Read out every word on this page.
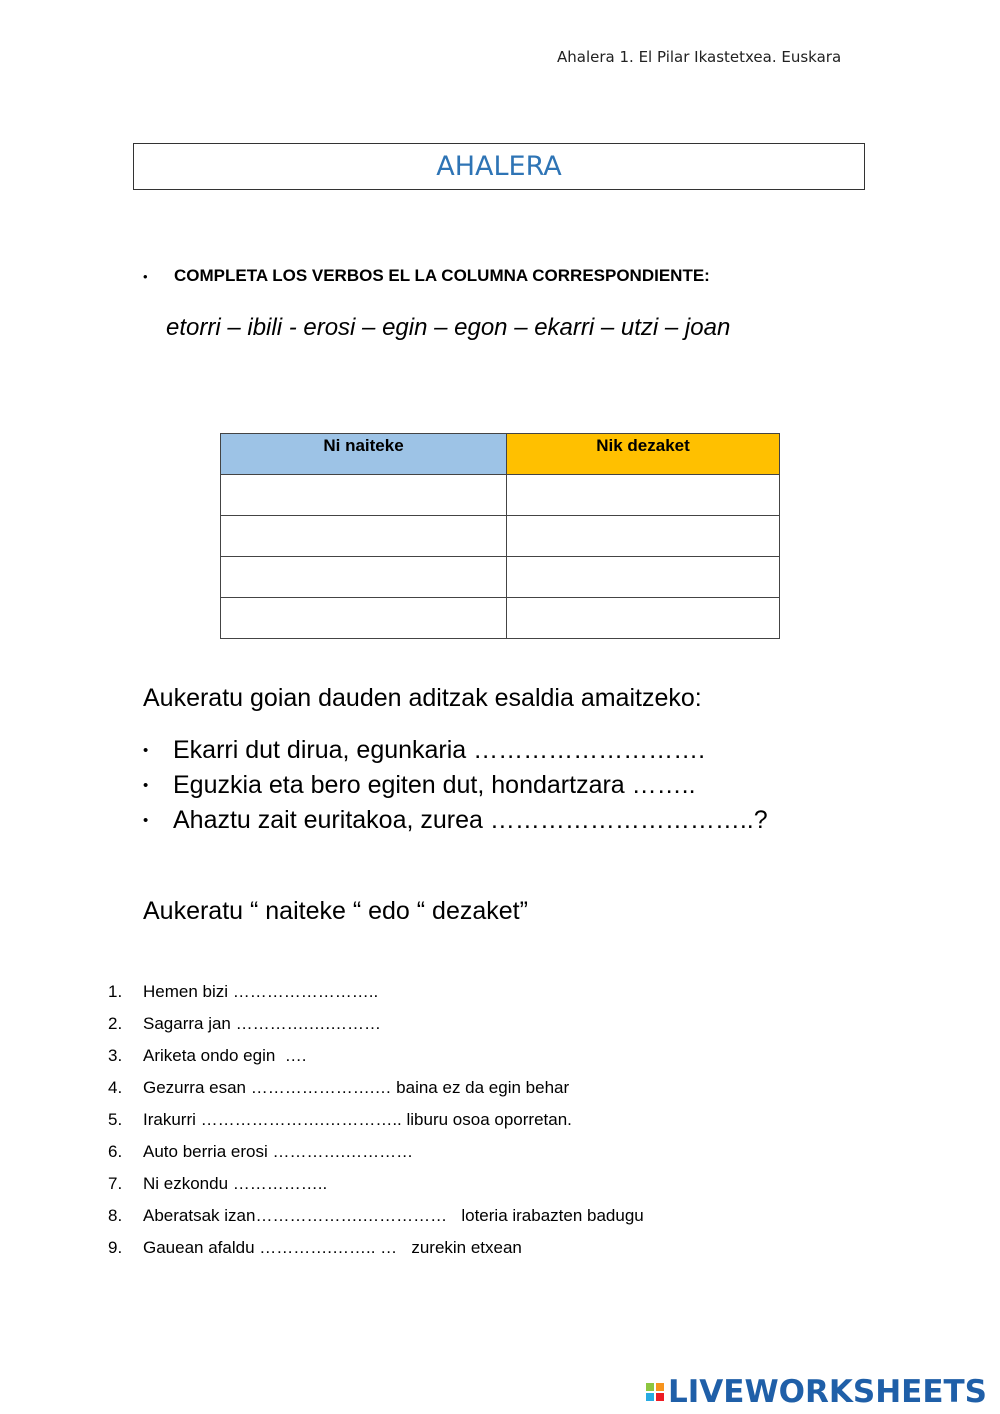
Ahalera 1. El Pilar Ikastetxea. Euskara
AHALERA
• COMPLETA LOS VERBOS EL LA COLUMNA CORRESPONDIENTE:
etorri – ibili - erosi – egin – egon – ekarri – utzi – joan
Ni naiteke	Nik dezaket

Aukeratu goian dauden aditzak esaldia amaitzeko:
• Ekarri dut dirua, egunkaria ……………………….
• Eguzkia eta bero egiten dut, hondartzara ……..
• Ahaztu zait euritakoa, zurea …………………………..?
Aukeratu “ naiteke “ edo “ dezaket”
1. Hemen bizi ……………………..
2. Sagarra jan ………….….………
3. Ariketa ondo egin  ….
4. Gezurra esan ………………….… baina ez da egin behar
5. Irakurri ………………….………….. liburu osoa oporretan.
6. Auto berria erosi ………….…………
7. Ni ezkondu ……………..
8. Aberatsak izan……………….……………   loteria irabazten badugu
9. Gauean afaldu ………….…….. …   zurekin etxean
LIVEWORKSHEETS
